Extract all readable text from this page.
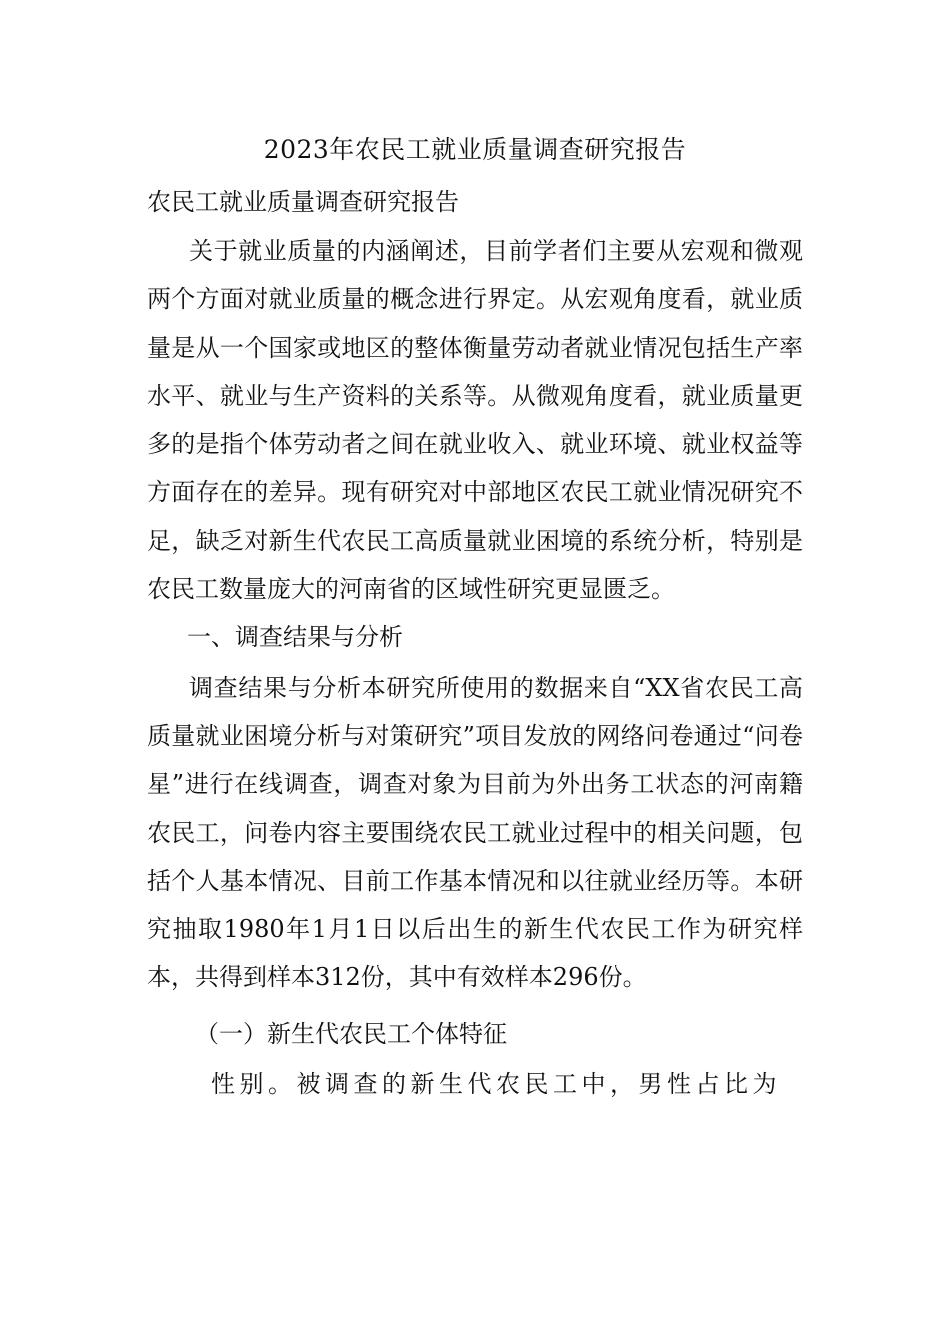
2023年农民工就业质量调查研究报告
农民工就业质量调查研究报告

关于就业质量的内涵阐述，目前学者们主要从宏观和微观两个方面对就业质量的概念进行界定。从宏观角度看，就业质量是从一个国家或地区的整体衡量劳动者就业情况包括生产率水平、就业与生产资料的关系等。从微观角度看，就业质量更多的是指个体劳动者之间在就业收入、就业环境、就业权益等方面存在的差异。现有研究对中部地区农民工就业情况研究不足，缺乏对新生代农民工高质量就业困境的系统分析，特别是农民工数量庞大的河南省的区域性研究更显匮乏。

一、调查结果与分析

调查结果与分析本研究所使用的数据来自“XX省农民工高质量就业困境分析与对策研究”项目发放的网络问卷通过“问卷星”进行在线调查，调查对象为目前为外出务工状态的河南籍农民工，问卷内容主要围绕农民工就业过程中的相关问题，包括个人基本情况、目前工作基本情况和以往就业经历等。本研究抽取1980年1月1日以后出生的新生代农民工作为研究样本，共得到样本312份，其中有效样本296份。

（一）新生代农民工个体特征

性别。被调查的新生代农民工中，男性占比为
